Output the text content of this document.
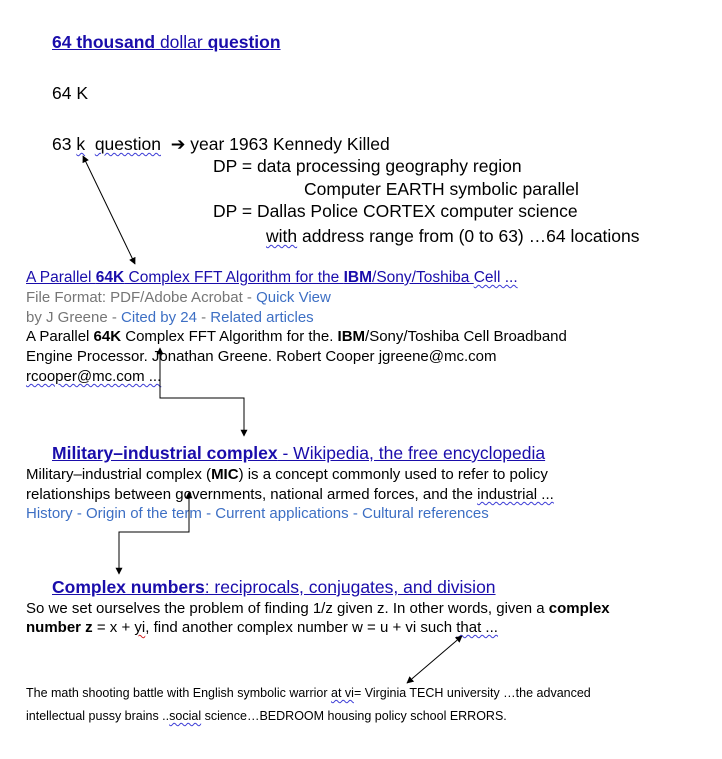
64 thousand dollar question
64 K
63 k question ➔ year 1963 Kennedy Killed
DP = data processing geography region
Computer EARTH symbolic parallel
DP = Dallas Police CORTEX computer science
with address range from (0 to 63) …64 locations
A Parallel 64K Complex FFT Algorithm for the IBM/Sony/Toshiba Cell ...
File Format: PDF/Adobe Acrobat - Quick View
by J Greene - Cited by 24 - Related articles
A Parallel 64K Complex FFT Algorithm for the. IBM/Sony/Toshiba Cell Broadband
Engine Processor. Jonathan Greene. Robert Cooper jgreene@mc.com
rcooper@mc.com ...
Military–industrial complex - Wikipedia, the free encyclopedia
Military–industrial complex (MIC) is a concept commonly used to refer to policy
relationships between governments, national armed forces, and the industrial ...
History - Origin of the term - Current applications - Cultural references
Complex numbers: reciprocals, conjugates, and division
So we set ourselves the problem of finding 1/z given z. In other words, given a complex
number z = x + yi, find another complex number w = u + vi such that ...
The math shooting battle with English symbolic warrior at vi= Virginia TECH university …the advanced
intellectual pussy brains ..social science…BEDROOM housing policy school ERRORS.
